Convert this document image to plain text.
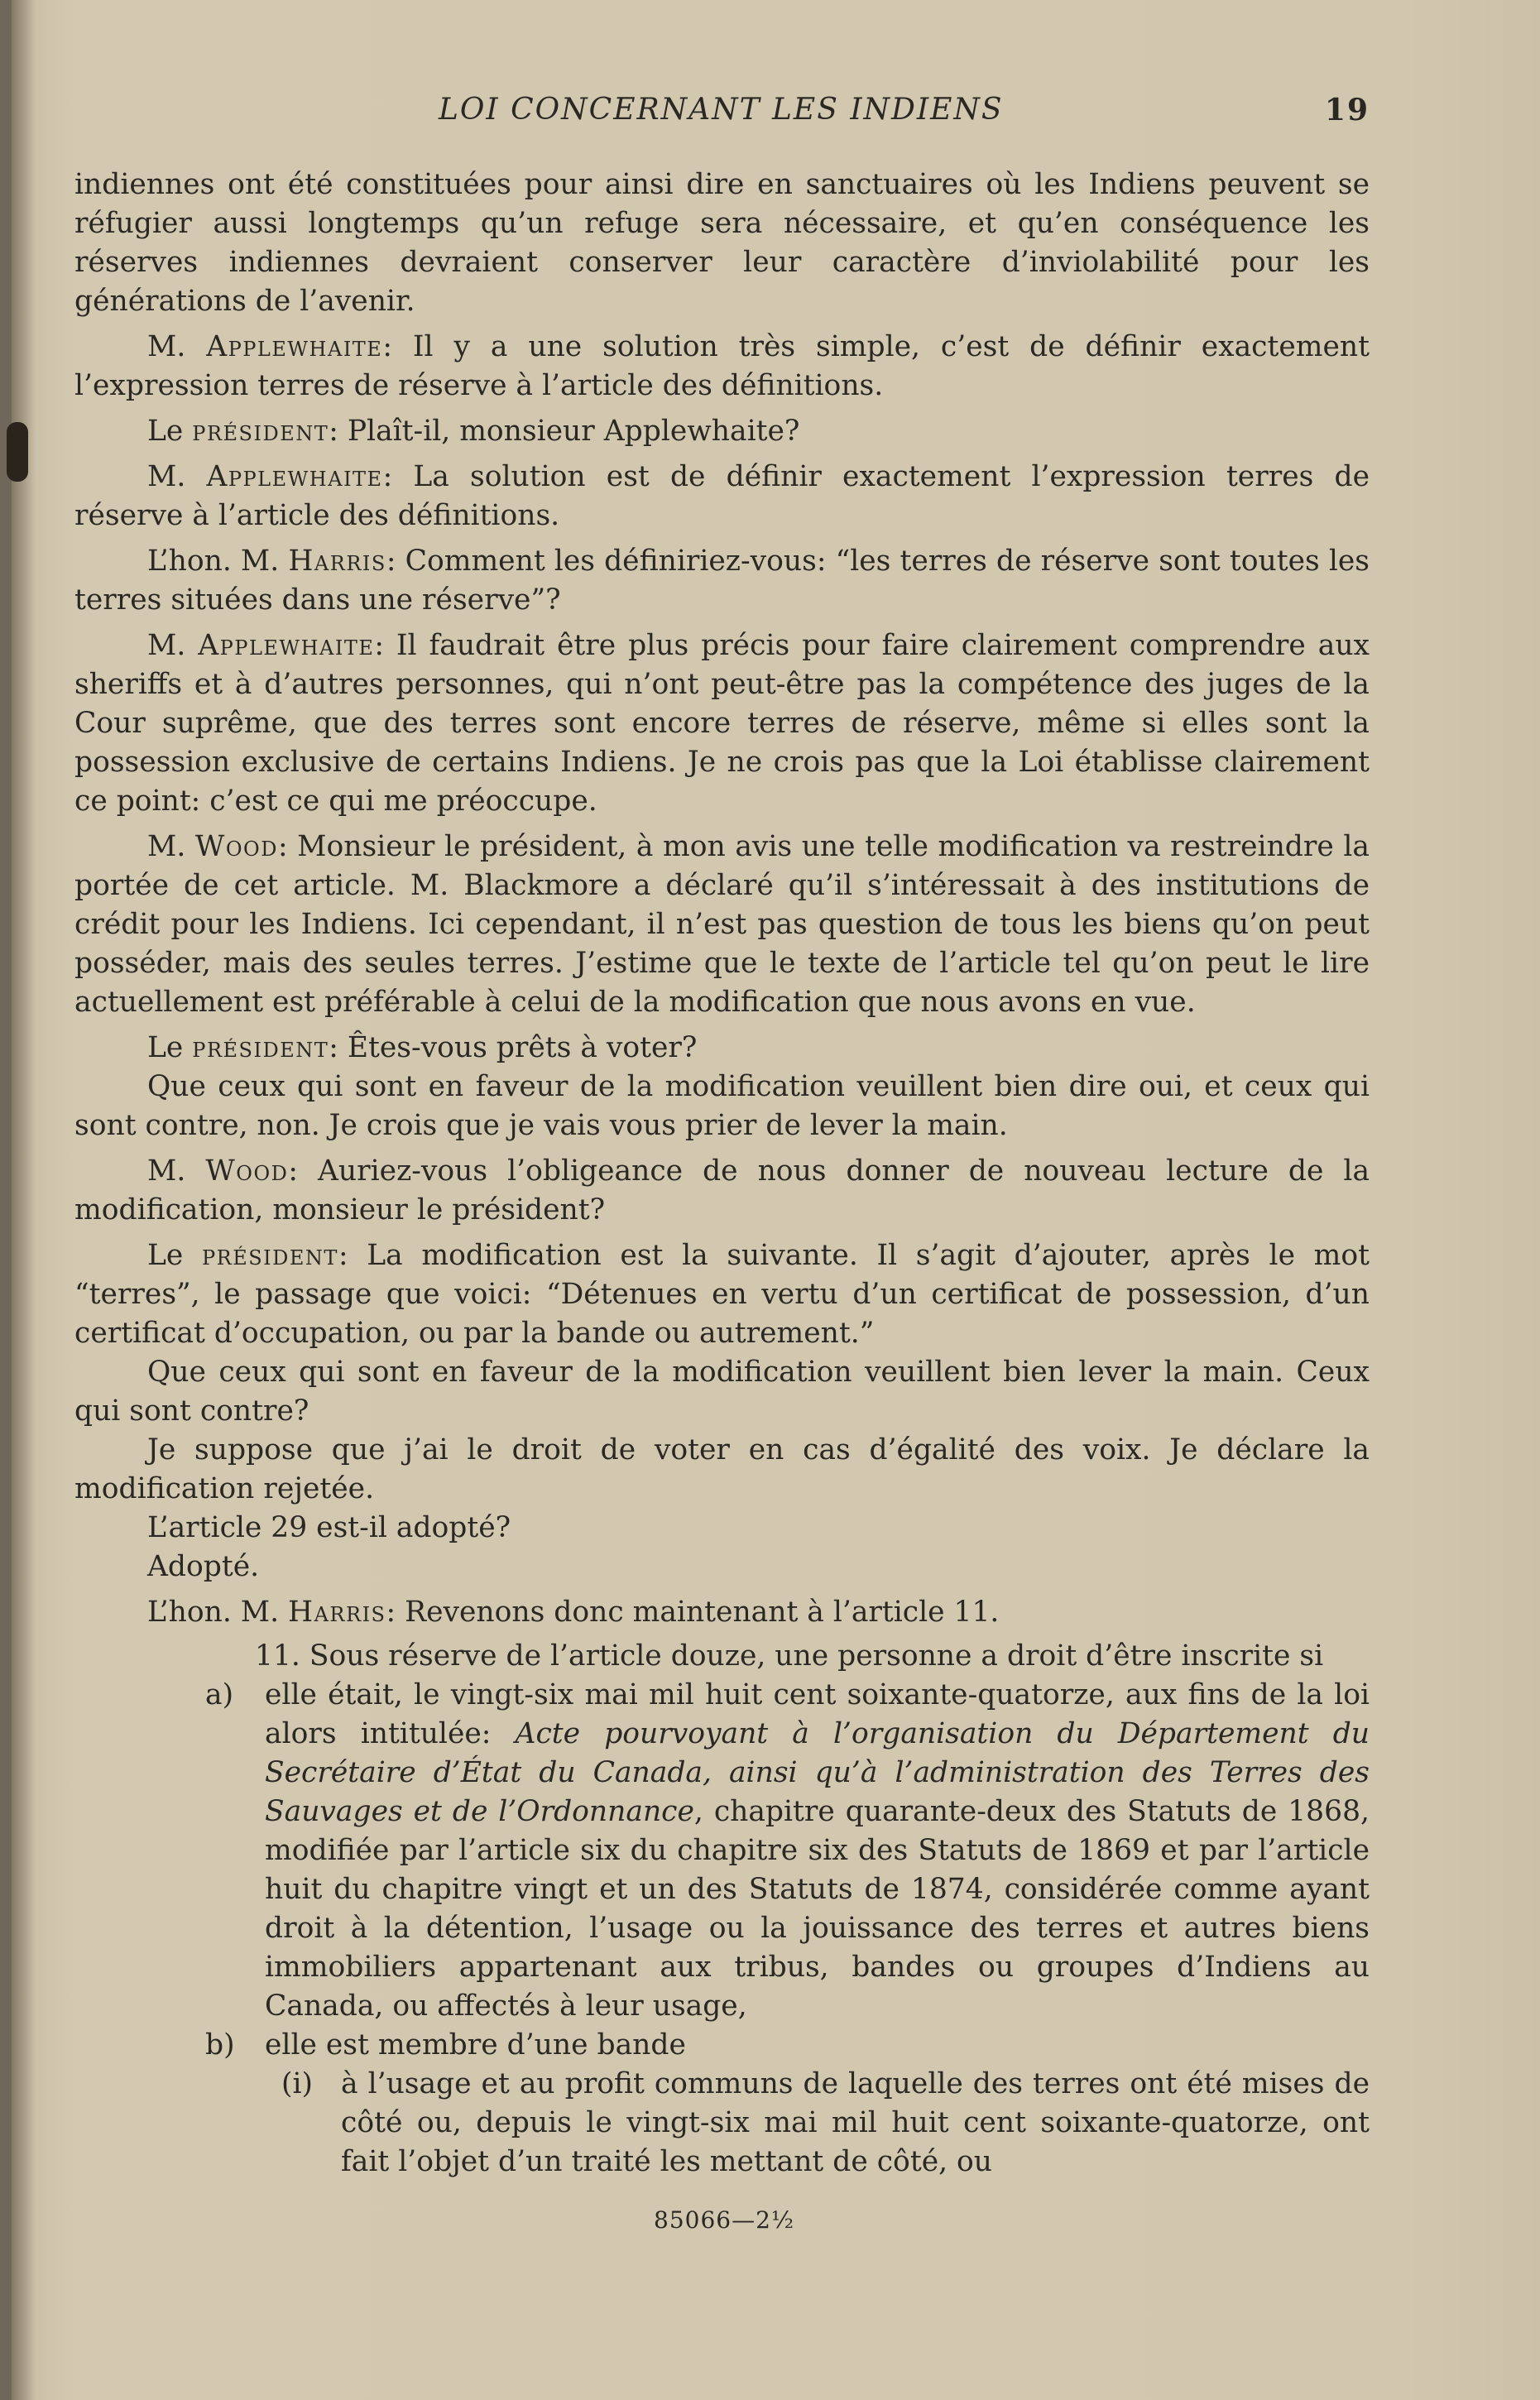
LOI CONCERNANT LES INDIENS	19

indiennes ont été constituées pour ainsi dire en sanctuaires où les Indiens peuvent se réfugier aussi longtemps qu’un refuge sera nécessaire, et qu’en conséquence les réserves indiennes devraient conserver leur caractère d’inviolabilité pour les générations de l’avenir.

M. Applewhaite: Il y a une solution très simple, c’est de définir exactement l’expression terres de réserve à l’article des définitions.

Le président: Plaît-il, monsieur Applewhaite?

M. Applewhaite: La solution est de définir exactement l’expression terres de réserve à l’article des définitions.

L’hon. M. Harris: Comment les définiriez-vous: “les terres de réserve sont toutes les terres situées dans une réserve”?

M. Applewhaite: Il faudrait être plus précis pour faire clairement comprendre aux sheriffs et à d’autres personnes, qui n’ont peut-être pas la compétence des juges de la Cour suprême, que des terres sont encore terres de réserve, même si elles sont la possession exclusive de certains Indiens. Je ne crois pas que la Loi établisse clairement ce point: c’est ce qui me préoccupe.

M. Wood: Monsieur le président, à mon avis une telle modification va restreindre la portée de cet article. M. Blackmore a déclaré qu’il s’intéressait à des institutions de crédit pour les Indiens. Ici cependant, il n’est pas question de tous les biens qu’on peut posséder, mais des seules terres. J’estime que le texte de l’article tel qu’on peut le lire actuellement est préférable à celui de la modification que nous avons en vue.

Le président: Êtes-vous prêts à voter?

Que ceux qui sont en faveur de la modification veuillent bien dire oui, et ceux qui sont contre, non. Je crois que je vais vous prier de lever la main.

M. Wood: Auriez-vous l’obligeance de nous donner de nouveau lecture de la modification, monsieur le président?

Le président: La modification est la suivante. Il s’agit d’ajouter, après le mot “terres”, le passage que voici: “Détenues en vertu d’un certificat de possession, d’un certificat d’occupation, ou par la bande ou autrement.”

Que ceux qui sont en faveur de la modification veuillent bien lever la main. Ceux qui sont contre?

Je suppose que j’ai le droit de voter en cas d’égalité des voix. Je déclare la modification rejetée.

L’article 29 est-il adopté?

Adopté.

L’hon. M. Harris: Revenons donc maintenant à l’article 11.

11. Sous réserve de l’article douze, une personne a droit d’être inscrite si

a) elle était, le vingt-six mai mil huit cent soixante-quatorze, aux fins de la loi alors intitulée: Acte pourvoyant à l’organisation du Département du Secrétaire d’État du Canada, ainsi qu’à l’administration des Terres des Sauvages et de l’Ordonnance, chapitre quarante-deux des Statuts de 1868, modifiée par l’article six du chapitre six des Statuts de 1869 et par l’article huit du chapitre vingt et un des Statuts de 1874, considérée comme ayant droit à la détention, l’usage ou la jouissance des terres et autres biens immobiliers appartenant aux tribus, bandes ou groupes d’Indiens au Canada, ou affectés à leur usage,

b) elle est membre d’une bande

(i) à l’usage et au profit communs de laquelle des terres ont été mises de côté ou, depuis le vingt-six mai mil huit cent soixante-quatorze, ont fait l’objet d’un traité les mettant de côté, ou

85066—2½
